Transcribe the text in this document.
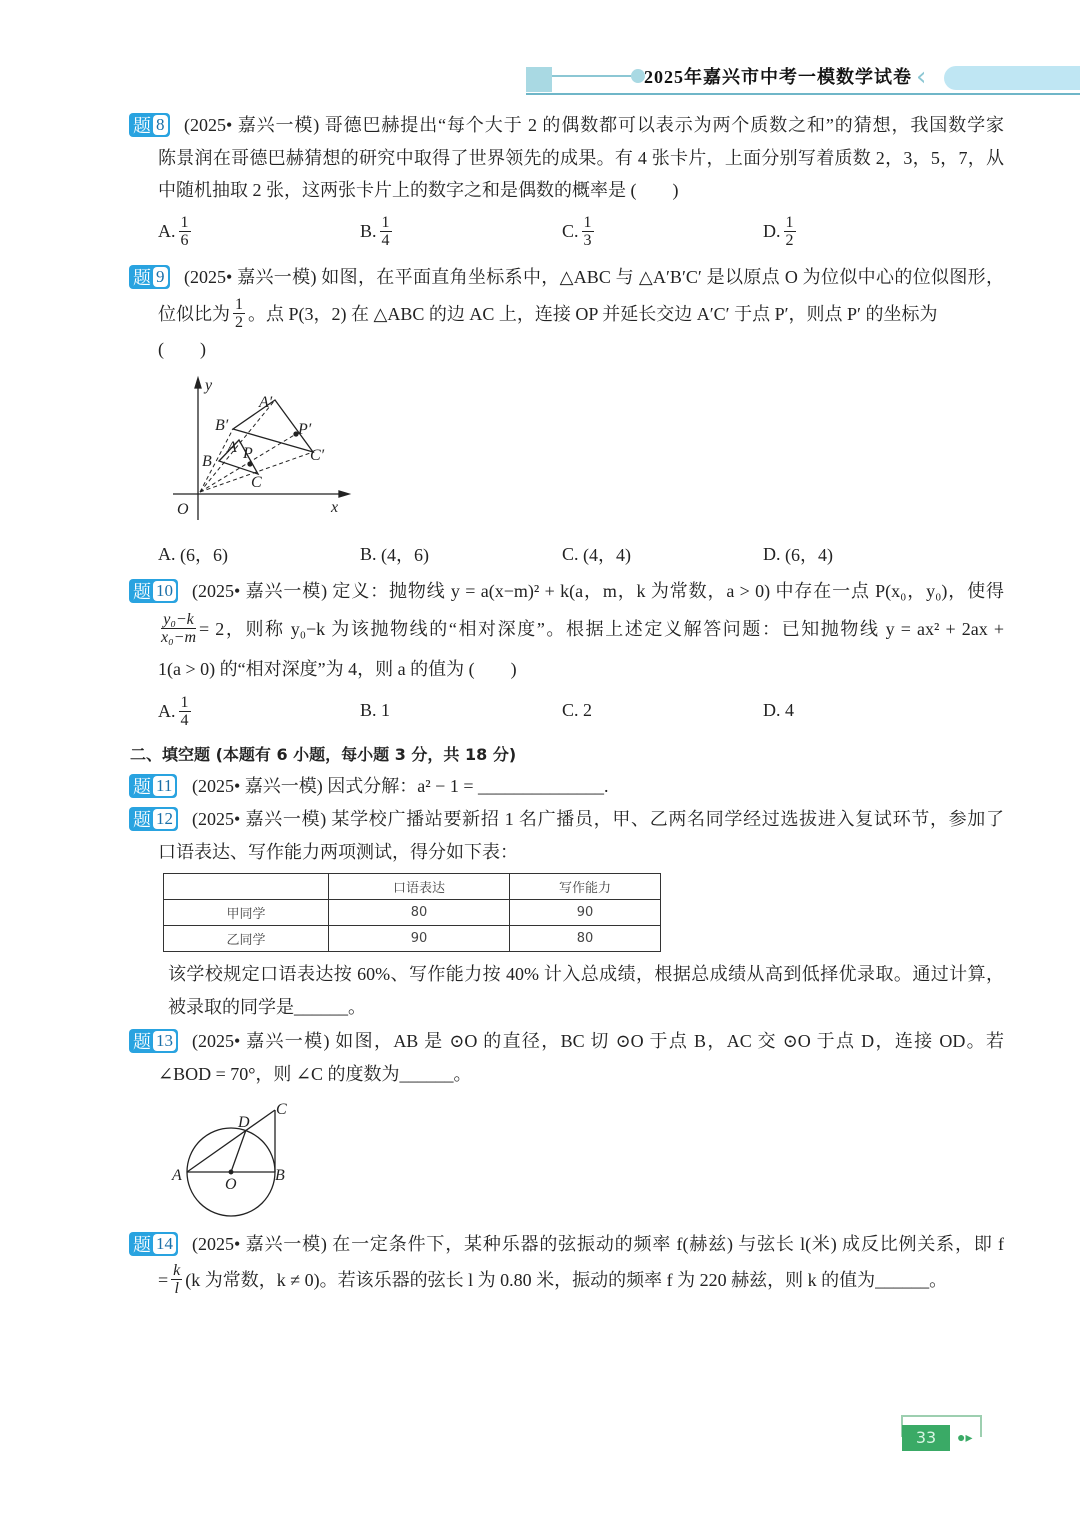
2025年嘉兴市中考一模数学试卷 ‹
题 8 (2025• 嘉兴一模) 哥德巴赫提出“每个大于 2 的偶数都可以表示为两个质数之和”的猜想，我国数学家
陈景润在哥德巴赫猜想的研究中取得了世界领先的成果。有 4 张卡片，上面分别写着质数 2，3，5，7，从
中随机抽取 2 张，这两张卡片上的数字之和是偶数的概率是 (　　)
A. $\frac{1}{6}$	B. $\frac{1}{4}$	C. $\frac{1}{3}$	D. $\frac{1}{2}$
题 9 (2025• 嘉兴一模) 如图，在平面直角坐标系中，△ABC 与 △A′B′C′ 是以原点 O 为位似中心的位似图形，
位似比为 $\frac{1}{2}$ 。点 P(3，2) 在 △ABC 的边 AC 上，连接 OP 并延长交边 A′C′ 于点 P′，则点 P′ 的坐标为
(　　)
y
x
O
A′
B′	P′
C′
A P
B
C
A.
(6，6)	B.
(4，6)	C.
(4，4)	D.
(6，4)
题 10 (2025• 嘉兴一模) 定义：抛物线 y = a(x−m)² + k(a，m，k 为常数，a > 0) 中存在一点 P(x₀，y₀)，使得
$\frac{\text{y₀−k}}{\text{x₀−m}} = 2$，则称 y₀−k 为该抛物线的“相对深度”。根据上述定义解答问题：已知抛物线 y = ax² + 2ax +
1(a > 0) 的“相对深度”为 4，则 a 的值为 (　　)
A. $\frac{1}{4}$	B.
1	C.
2	D.
4
二、填空题 (本题有 6 小题，每小题 3 分，共 18 分)
题 11 (2025• 嘉兴一模) 因式分解：a² − 1 = ______________.
题 12 (2025• 嘉兴一模) 某学校广播站要新招 1 名广播员，甲、乙两名同学经过选拔进入复试环节，参加了
口语表达、写作能力两项测试，得分如下表：
	口语表达	写作能力
甲同学	80	90
乙同学	90	80
该学校规定口语表达按 60%、写作能力按 40% 计入总成绩，根据总成绩从高到低择优录取。通过计算，
被录取的同学是______。
题 13 (2025• 嘉兴一模) 如图，AB 是 ⊙O 的直径，BC 切 ⊙O 于点 B，AC 交 ⊙O 于点 D，连接 OD。若
∠BOD = 70°，则 ∠C 的度数为______。
A	B
C
D
O
题 14 (2025• 嘉兴一模) 在一定条件下，某种乐器的弦振动的频率 f(赫兹) 与弦长 l(米) 成反比例关系，即 f
= $\frac{k}{l} (k$ 为常数，k ≠ 0)。若该乐器的弦长 l 为 0.80 米，振动的频率 f 为 220 赫兹，则 k 的值为______。
33	●▸
